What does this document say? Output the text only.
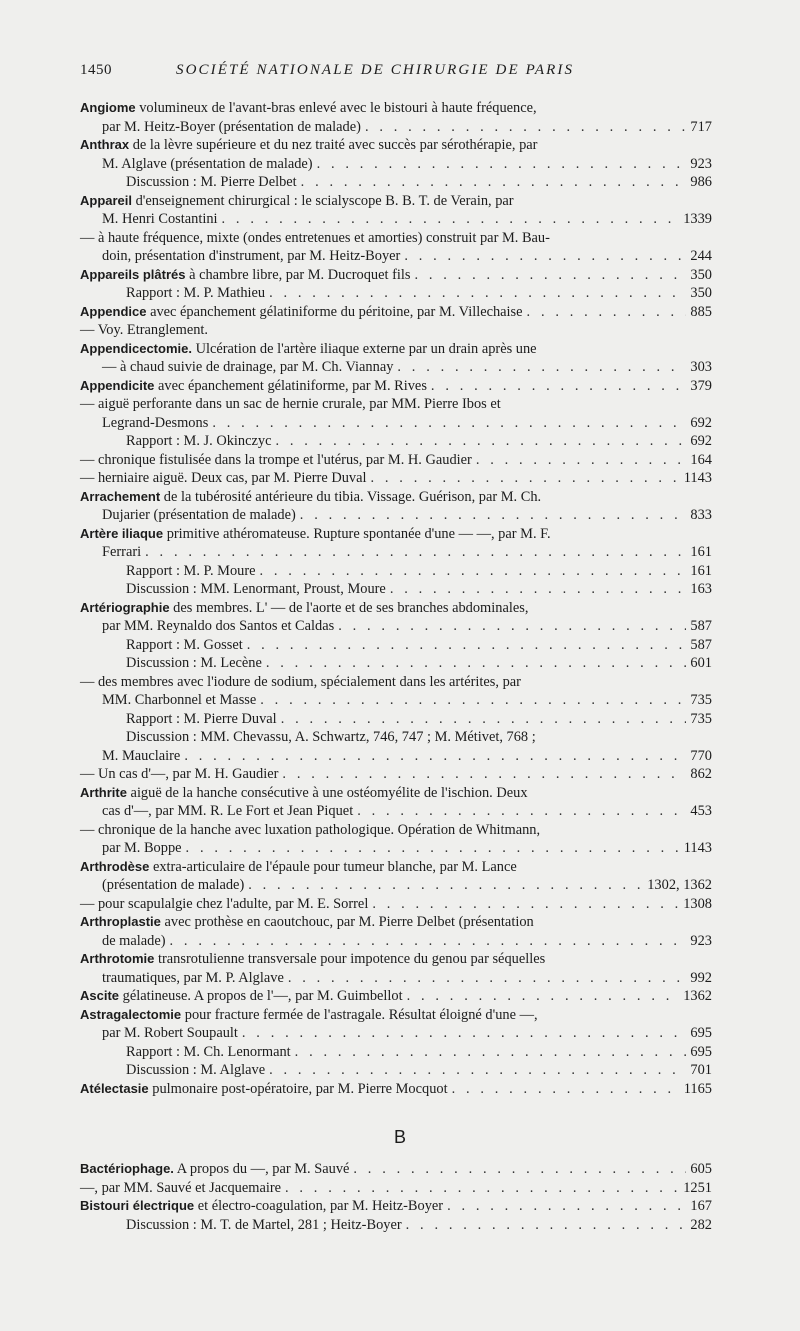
1450	SOCIÉTÉ NATIONALE DE CHIRURGIE DE PARIS
Angiome volumineux de l'avant-bras enlevé avec le bistouri à haute fréquence,
par M. Heitz-Boyer (présentation de malade) . . .	717
Anthrax de la lèvre supérieure et du nez traité avec succès par sérothérapie, par
M. Alglave (présentation de malade) . . .	923
Discussion : M. Pierre Delbet . . .	986
Appareil d'enseignement chirurgical : le scialyscope B. B. T. de Verain, par
M. Henri Costantini . . .	1339
— à haute fréquence, mixte (ondes entretenues et amorties) construit par M. Bau-
doin, présentation d'instrument, par M. Heitz-Boyer . . .	244
Appareils plâtrés à chambre libre, par M. Ducroquet fils . . .	350
Rapport : M. P. Mathieu . . .	350
Appendice avec épanchement gélatiniforme du péritoine, par M. Villechaise . . .	885
— Voy. Etranglement.
Appendicectomie. Ulcération de l'artère iliaque externe par un drain après une
— à chaud suivie de drainage, par M. Ch. Viannay . . .	303
Appendicite avec épanchement gélatiniforme, par M. Rives . . .	379
— aiguë perforante dans un sac de hernie crurale, par MM. Pierre Ibos et
Legrand-Desmons . . .	692
Rapport : M. J. Okinczyc . . .	692
— chronique fistulisée dans la trompe et l'utérus, par M. H. Gaudier . . .	164
— herniaire aiguë. Deux cas, par M. Pierre Duval . . .	1143
Arrachement de la tubérosité antérieure du tibia. Vissage. Guérison, par M. Ch.
Dujarier (présentation de malade) . . .	833
Artère iliaque primitive athéromateuse. Rupture spontanée d'une — —, par M. F.
Ferrari . . .	161
Rapport : M. P. Moure . . .	161
Discussion : MM. Lenormant, Proust, Moure . . .	163
Artériographie des membres. L' — de l'aorte et de ses branches abdominales,
par MM. Reynaldo dos Santos et Caldas . . .	587
Rapport : M. Gosset . . .	587
Discussion : M. Lecène . . .	601
— des membres avec l'iodure de sodium, spécialement dans les artérites, par
MM. Charbonnel et Masse . . .	735
Rapport : M. Pierre Duval . . .	735
Discussion : MM. Chevassu, A. Schwartz, 746, 747 ; M. Métivet, 768 ;
M. Mauclaire . . .	770
— Un cas d'—, par M. H. Gaudier . . .	862
Arthrite aiguë de la hanche consécutive à une ostéomyélite de l'ischion. Deux
cas d'—, par MM. R. Le Fort et Jean Piquet . . .	453
— chronique de la hanche avec luxation pathologique. Opération de Whitmann,
par M. Boppe . . .	1143
Arthrodèse extra-articulaire de l'épaule pour tumeur blanche, par M. Lance
(présentation de malade) . . .	1302, 1362
— pour scapulalgie chez l'adulte, par M. E. Sorrel . . .	1308
Arthroplastie avec prothèse en caoutchouc, par M. Pierre Delbet (présentation
de malade) . . .	923
Arthrotomie transrotulienne transversale pour impotence du genou par séquelles
traumatiques, par M. P. Alglave . . .	992
Ascite gélatineuse. A propos de l'—, par M. Guimbellot . . .	1362
Astragalectomie pour fracture fermée de l'astragale. Résultat éloigné d'une —,
par M. Robert Soupault . . .	695
Rapport : M. Ch. Lenormant . . .	695
Discussion : M. Alglave . . .	701
Atélectasie pulmonaire post-opératoire, par M. Pierre Mocquot . . .	1165
B
Bactériophage. A propos du —, par M. Sauvé . . .	605
—, par MM. Sauvé et Jacquemaire . . .	1251
Bistouri électrique et électro-coagulation, par M. Heitz-Boyer . . .	167
Discussion : M. T. de Martel, 281 ; Heitz-Boyer . . .	282
